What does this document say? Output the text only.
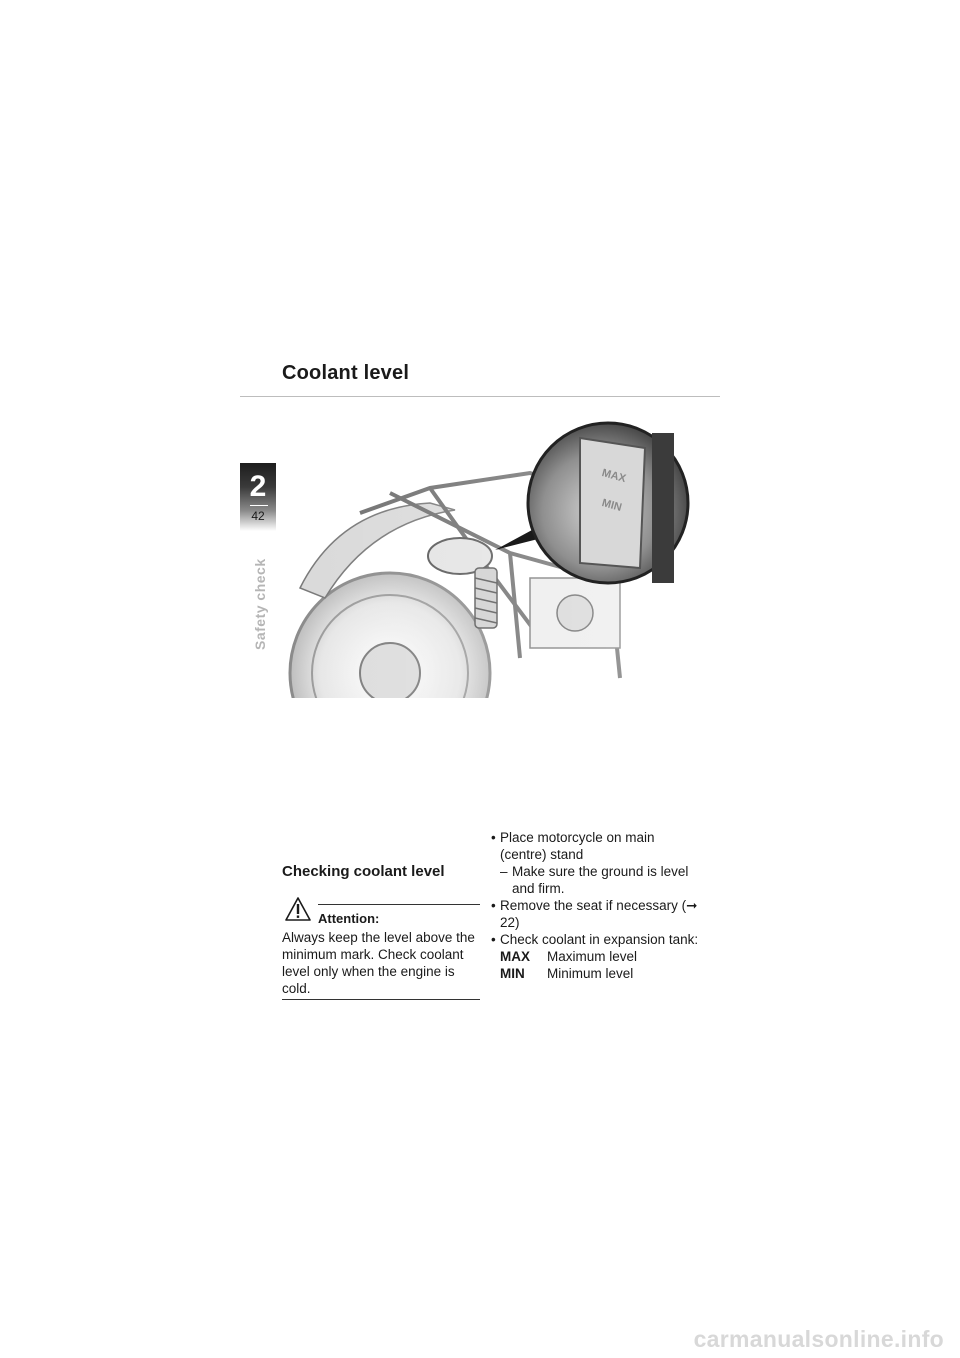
Coolant level
2
42
Safety check
MAX
MIN
Checking coolant level
Attention:
Always keep the level above the minimum mark. Check coolant level only when the engine is cold.
• Place motorcycle on main (centre) stand
– Make sure the ground is level and firm.
• Remove the seat if necessary (➞ 22)
• Check coolant in expansion tank:
MAX	Maximum level
MIN	Minimum level
carmanualsonline.info
